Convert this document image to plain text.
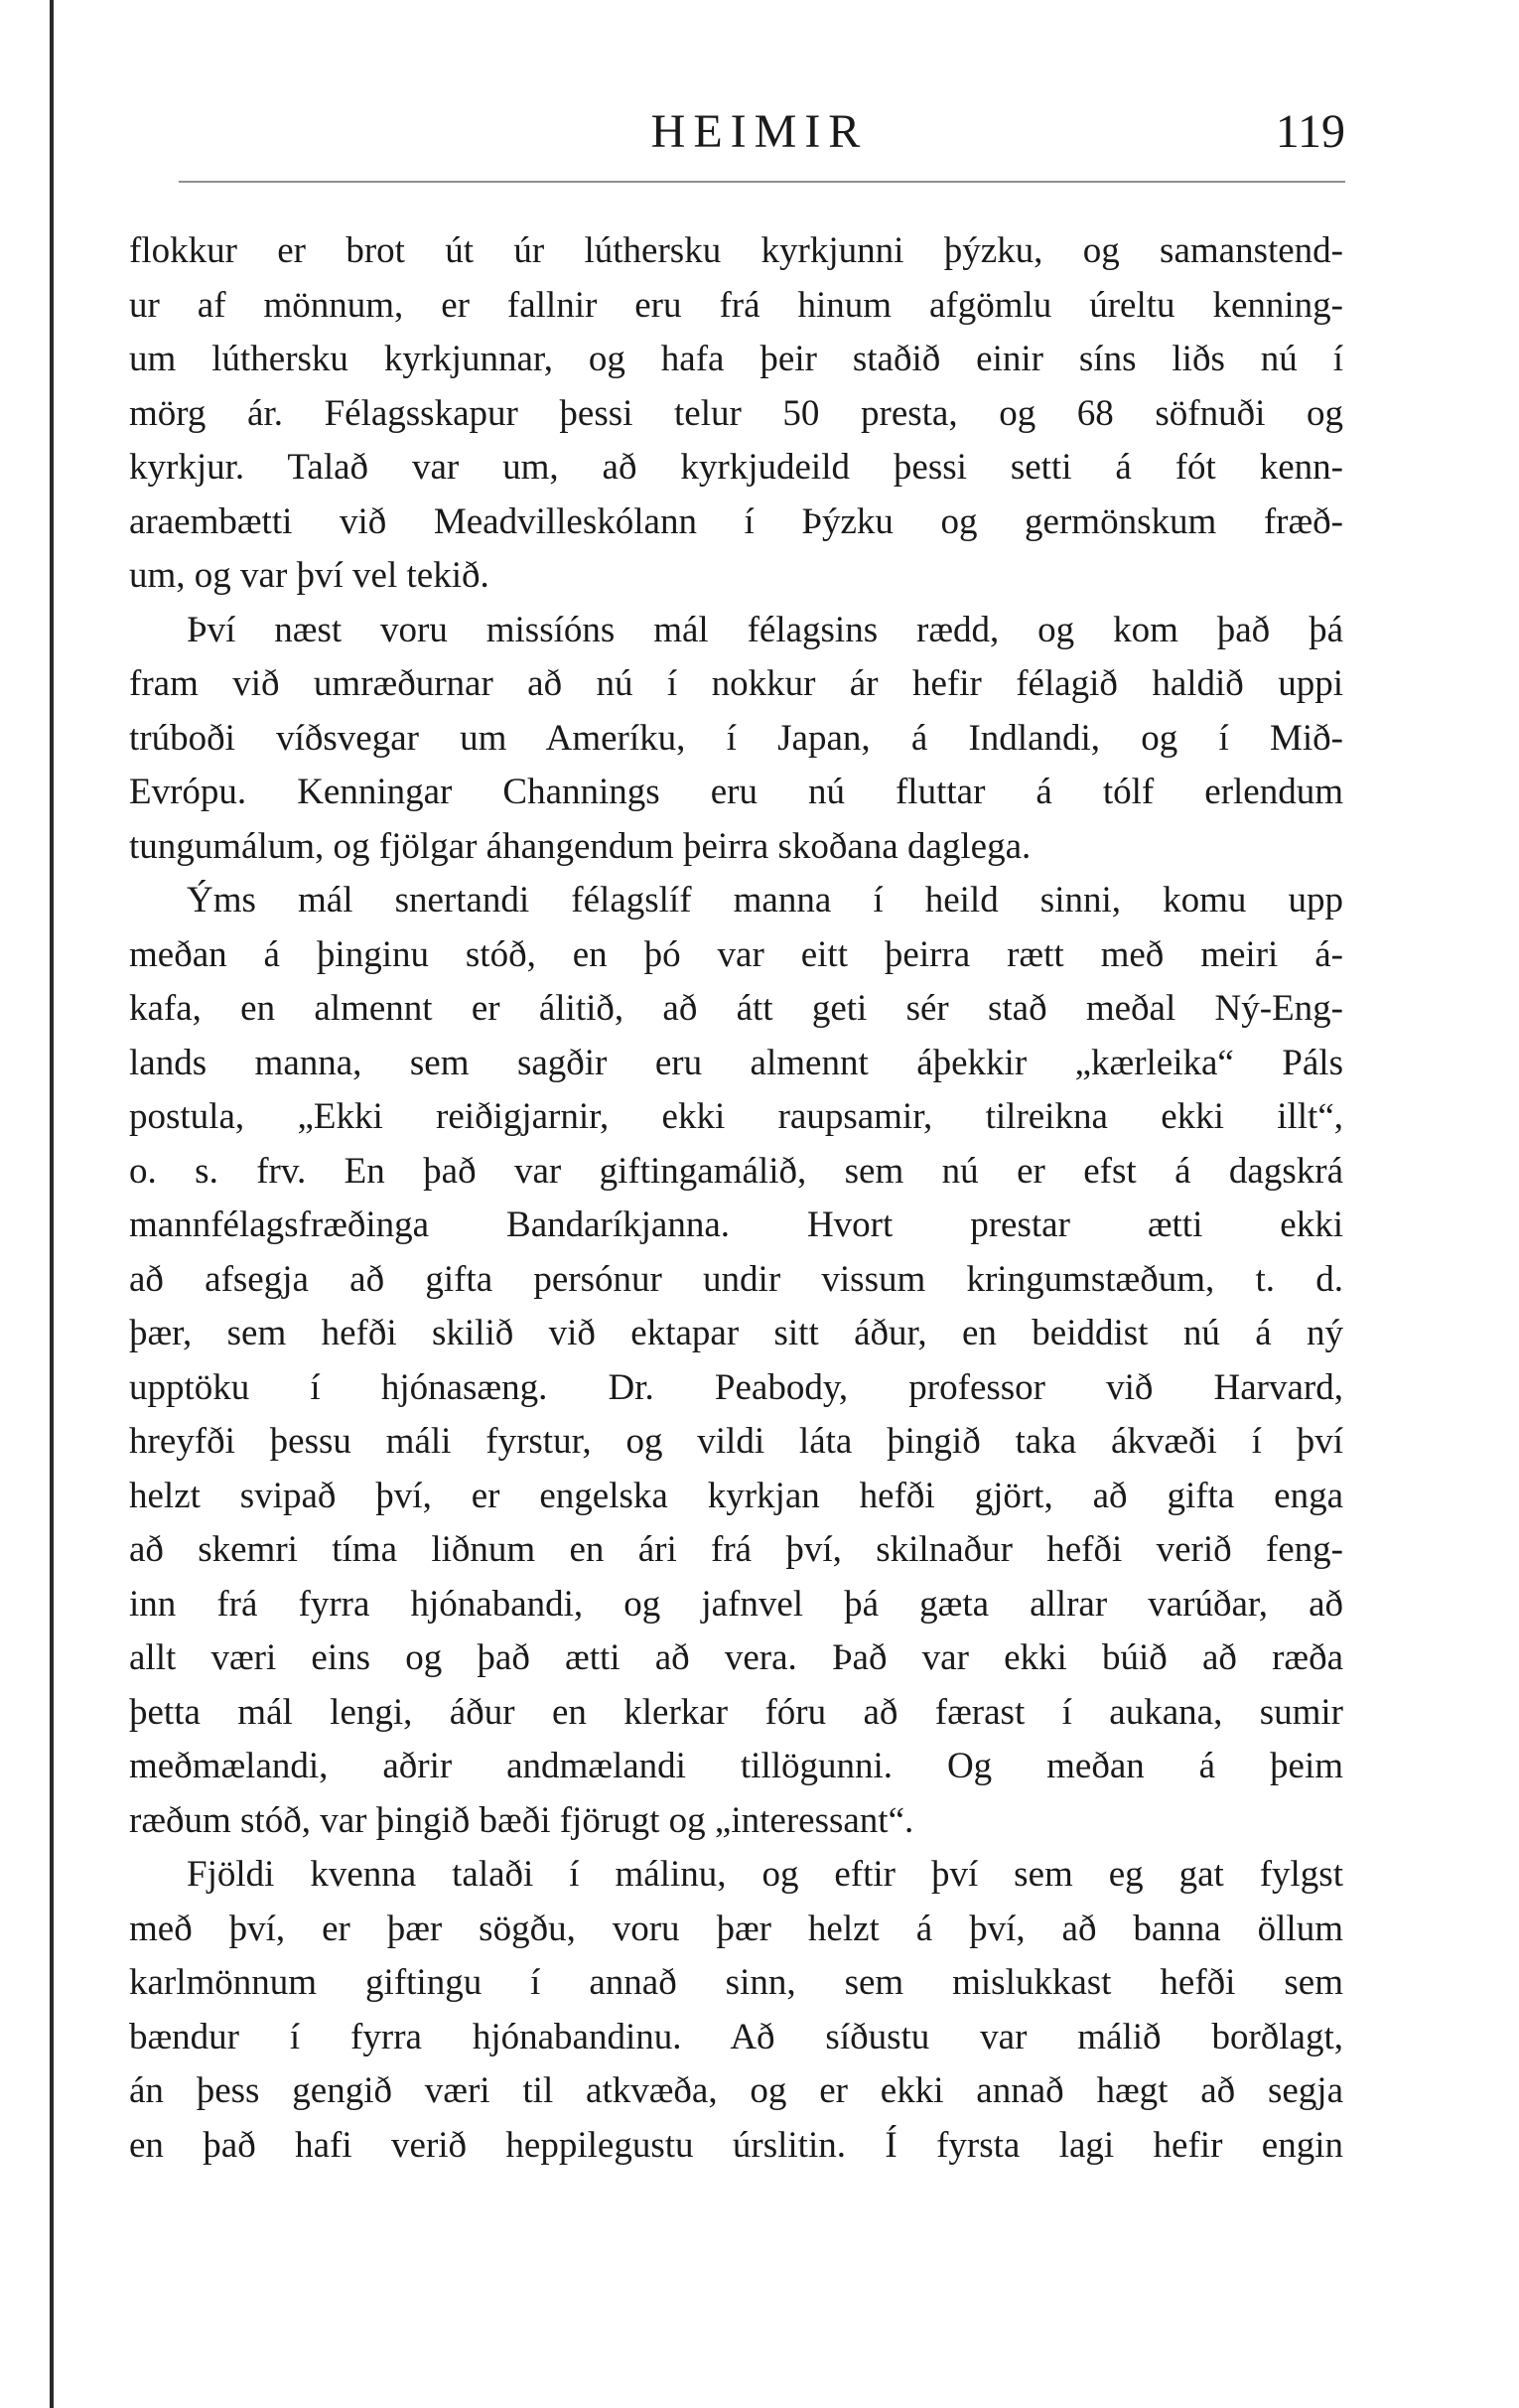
HEIMIR	119
flokkur er brot út úr lúthersku kyrkjunni þýzku, og samanstend-
ur af mönnum, er fallnir eru frá hinum afgömlu úreltu kenning-
um lúthersku kyrkjunnar, og hafa þeir staðið einir síns liðs nú í
mörg ár. Félagsskapur þessi telur 50 presta, og 68 söfnuði og
kyrkjur. Talað var um, að kyrkjudeild þessi setti á fót kenn-
araembætti við Meadvilleskólann í Þýzku og germönskum fræð-
um, og var því vel tekið.
Því næst voru missíóns mál félagsins rædd, og kom það þá
fram við umræðurnar að nú í nokkur ár hefir félagið haldið uppi
trúboði víðsvegar um Ameríku, í Japan, á Indlandi, og í Mið-
Evrópu. Kenningar Channings eru nú fluttar á tólf erlendum
tungumálum, og fjölgar áhangendum þeirra skoðana daglega.
Ýms mál snertandi félagslíf manna í heild sinni, komu upp
meðan á þinginu stóð, en þó var eitt þeirra rætt með meiri á-
kafa, en almennt er álitið, að átt geti sér stað meðal Ný-Eng-
lands manna, sem sagðir eru almennt áþekkir „kærleika“ Páls
postula, „Ekki reiðigjarnir, ekki raupsamir, tilreikna ekki illt“,
o. s. frv. En það var giftingamálið, sem nú er efst á dagskrá
mannfélagsfræðinga Bandaríkjanna. Hvort prestar ætti ekki
að afsegja að gifta persónur undir vissum kringumstæðum, t. d.
þær, sem hefði skilið við ektapar sitt áður, en beiddist nú á ný
upptöku í hjónasæng. Dr. Peabody, professor við Harvard,
hreyfði þessu máli fyrstur, og vildi láta þingið taka ákvæði í því
helzt svipað því, er engelska kyrkjan hefði gjört, að gifta enga
að skemri tíma liðnum en ári frá því, skilnaður hefði verið feng-
inn frá fyrra hjónabandi, og jafnvel þá gæta allrar varúðar, að
allt væri eins og það ætti að vera. Það var ekki búið að ræða
þetta mál lengi, áður en klerkar fóru að færast í aukana, sumir
meðmælandi, aðrir andmælandi tillögunni. Og meðan á þeim
ræðum stóð, var þingið bæði fjörugt og „interessant“.
Fjöldi kvenna talaði í málinu, og eftir því sem eg gat fylgst
með því, er þær sögðu, voru þær helzt á því, að banna öllum
karlmönnum giftingu í annað sinn, sem mislukkast hefði sem
bændur í fyrra hjónabandinu. Að síðustu var málið borðlagt,
án þess gengið væri til atkvæða, og er ekki annað hægt að segja
en það hafi verið heppilegustu úrslitin. Í fyrsta lagi hefir engin
